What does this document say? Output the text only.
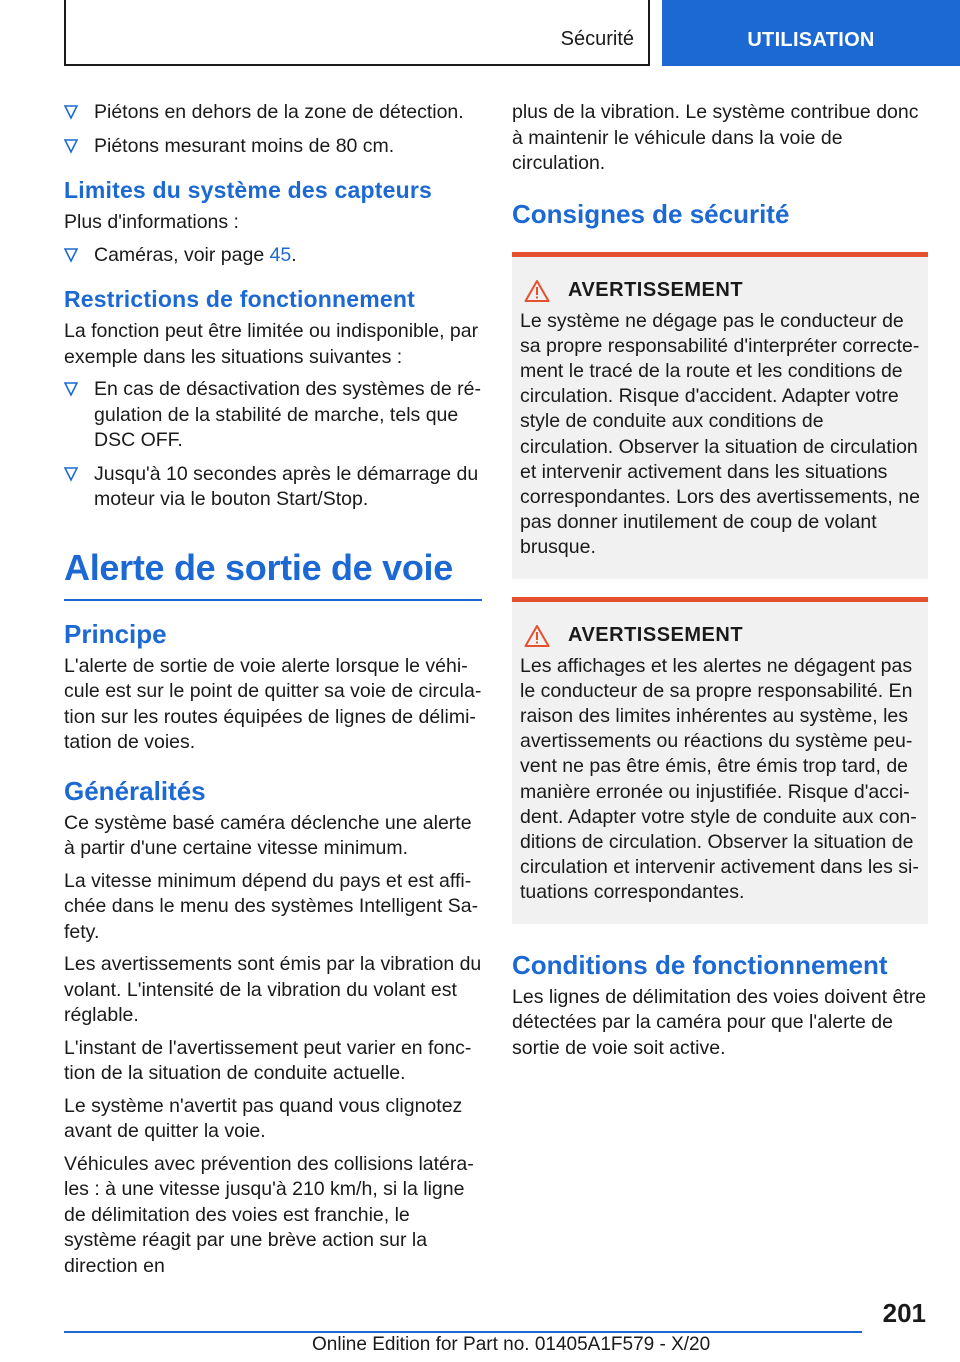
Sécurité	UTILISATION
Piétons en dehors de la zone de détection.
Piétons mesurant moins de 80 cm.
Limites du système des capteurs

Plus d'informations :

Caméras, voir page 45.
Restrictions de fonctionnement

La fonction peut être limitée ou indisponible, par exemple dans les situations suivantes :

En cas de désactivation des systèmes de régulation de la stabilité de marche, tels que DSC OFF.
Jusqu'à 10 secondes après le démarrage du moteur via le bouton Start/Stop.
Alerte de sortie de voie
Principe

L'alerte de sortie de voie alerte lorsque le véhicule est sur le point de quitter sa voie de circulation sur les routes équipées de lignes de délimitation de voies.

Généralités

Ce système basé caméra déclenche une alerte à partir d'une certaine vitesse minimum.

La vitesse minimum dépend du pays et est affichée dans le menu des systèmes Intelligent Safety.

Les avertissements sont émis par la vibration du volant. L'intensité de la vibration du volant est réglable.

L'instant de l'avertissement peut varier en fonction de la situation de conduite actuelle.

Le système n'avertit pas quand vous clignotez avant de quitter la voie.

Véhicules avec prévention des collisions latérales : à une vitesse jusqu'à 210 km/h, si la ligne de délimitation des voies est franchie, le système réagit par une brève action sur la direction en

plus de la vibration. Le système contribue donc à maintenir le véhicule dans la voie de circulation.

Consignes de sécurité
AVERTISSEMENT

Le système ne dégage pas le conducteur de sa propre responsabilité d'interpréter correctement le tracé de la route et les conditions de circulation. Risque d'accident. Adapter votre style de conduite aux conditions de circulation. Observer la situation de circulation et intervenir activement dans les situations correspondantes. Lors des avertissements, ne pas donner inutilement de coup de volant brusque.

AVERTISSEMENT

Les affichages et les alertes ne dégagent pas le conducteur de sa propre responsabilité. En raison des limites inhérentes au système, les avertissements ou réactions du système peuvent ne pas être émis, être émis trop tard, de manière erronée ou injustifiée. Risque d'accident. Adapter votre style de conduite aux conditions de circulation. Observer la situation de circulation et intervenir activement dans les situations correspondantes.

Conditions de fonctionnement

Les lignes de délimitation des voies doivent être détectées par la caméra pour que l'alerte de sortie de voie soit active.

201
Online Edition for Part no. 01405A1F579 - X/20
